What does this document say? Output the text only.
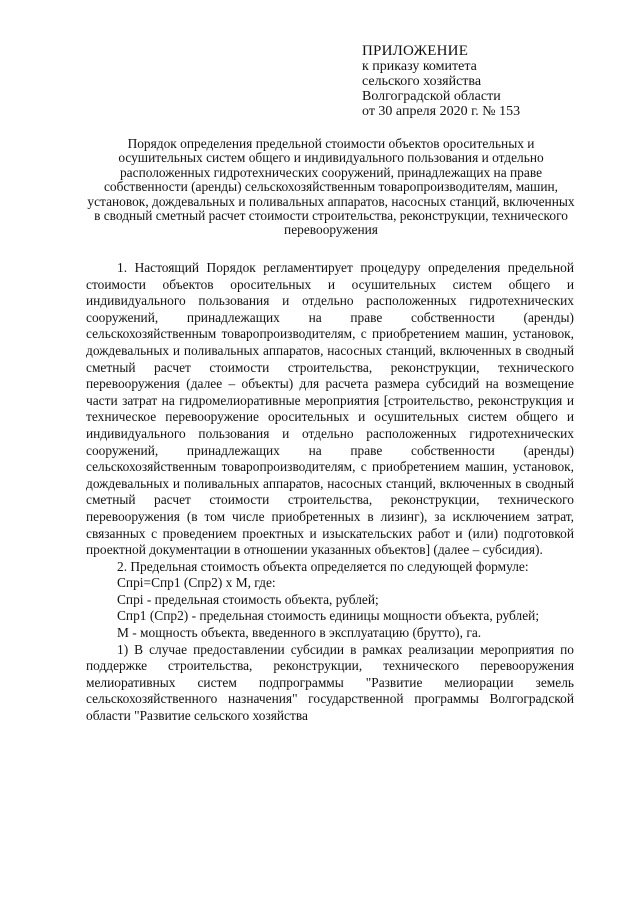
ПРИЛОЖЕНИЕ
к приказу комитета
сельского хозяйства
Волгоградской области
от 30 апреля 2020 г. № 153
Порядок определения предельной стоимости объектов оросительных и осушительных систем общего и индивидуального пользования и отдельно расположенных гидротехнических сооружений, принадлежащих на праве собственности (аренды) сельскохозяйственным товаропроизводителям, машин, установок, дождевальных и поливальных аппаратов, насосных станций, включенных в сводный сметный расчет стоимости строительства, реконструкции, технического перевооружения

1. Настоящий Порядок регламентирует процедуру определения предельной стоимости объектов оросительных и осушительных систем общего и индивидуального пользования и отдельно расположенных гидротехнических сооружений, принадлежащих на праве собственности (аренды) сельскохозяйственным товаропроизводителям, с приобретением машин, установок, дождевальных и поливальных аппаратов, насосных станций, включенных в сводный сметный расчет стоимости строительства, реконструкции, технического перевооружения (далее – объекты) для расчета размера субсидий на возмещение части затрат на гидромелиоративные мероприятия [строительство, реконструкция и техническое перевооружение оросительных и осушительных систем общего и индивидуального пользования и отдельно расположенных гидротехнических сооружений, принадлежащих на праве собственности (аренды) сельскохозяйственным товаропроизводителям, с приобретением машин, установок, дождевальных и поливальных аппаратов, насосных станций, включенных в сводный сметный расчет стоимости строительства, реконструкции, технического перевооружения (в том числе приобретенных в лизинг), за исключением затрат, связанных с проведением проектных и изыскательских работ и (или) подготовкой проектной документации в отношении указанных объектов] (далее – субсидия).

2. Предельная стоимость объекта определяется по следующей формуле:

Cпрi=Cпр1 (Cпр2) x M, где:

Cпрi - предельная стоимость объекта, рублей;

Cпр1 (Cпр2) - предельная стоимость единицы мощности объекта, рублей;

M - мощность объекта, введенного в эксплуатацию (брутто), га.

1) В случае предоставлении субсидии в рамках реализации мероприятия по поддержке строительства, реконструкции, технического перевооружения мелиоративных систем подпрограммы "Развитие мелиорации земель сельскохозяйственного назначения" государственной программы Волгоградской области "Развитие сельского хозяйства
